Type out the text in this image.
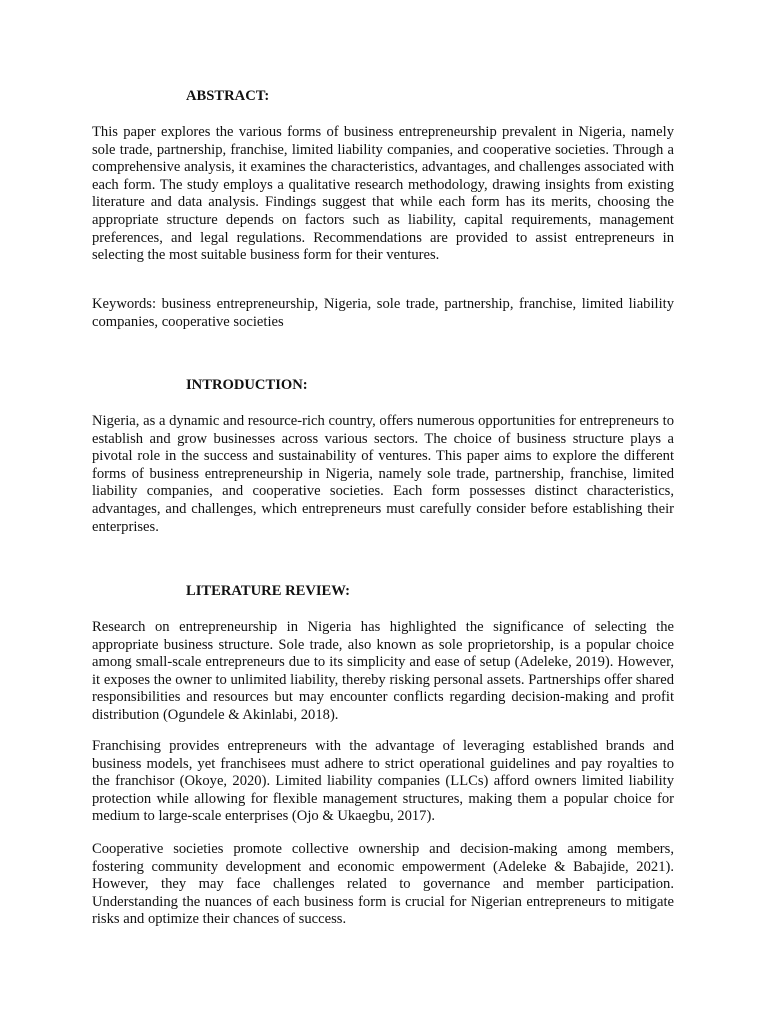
ABSTRACT:

This paper explores the various forms of business entrepreneurship prevalent in Nigeria, namely sole trade, partnership, franchise, limited liability companies, and cooperative societies. Through a comprehensive analysis, it examines the characteristics, advantages, and challenges associated with each form. The study employs a qualitative research methodology, drawing insights from existing literature and data analysis. Findings suggest that while each form has its merits, choosing the appropriate structure depends on factors such as liability, capital requirements, management preferences, and legal regulations. Recommendations are provided to assist entrepreneurs in selecting the most suitable business form for their ventures.

Keywords: business entrepreneurship, Nigeria, sole trade, partnership, franchise, limited liability companies, cooperative societies

INTRODUCTION:

Nigeria, as a dynamic and resource-rich country, offers numerous opportunities for entrepreneurs to establish and grow businesses across various sectors. The choice of business structure plays a pivotal role in the success and sustainability of ventures. This paper aims to explore the different forms of business entrepreneurship in Nigeria, namely sole trade, partnership, franchise, limited liability companies, and cooperative societies. Each form possesses distinct characteristics, advantages, and challenges, which entrepreneurs must carefully consider before establishing their enterprises.

LITERATURE REVIEW:

Research on entrepreneurship in Nigeria has highlighted the significance of selecting the appropriate business structure. Sole trade, also known as sole proprietorship, is a popular choice among small-scale entrepreneurs due to its simplicity and ease of setup (Adeleke, 2019). However, it exposes the owner to unlimited liability, thereby risking personal assets. Partnerships offer shared responsibilities and resources but may encounter conflicts regarding decision-making and profit distribution (Ogundele & Akinlabi, 2018).

Franchising provides entrepreneurs with the advantage of leveraging established brands and business models, yet franchisees must adhere to strict operational guidelines and pay royalties to the franchisor (Okoye, 2020). Limited liability companies (LLCs) afford owners limited liability protection while allowing for flexible management structures, making them a popular choice for medium to large-scale enterprises (Ojo & Ukaegbu, 2017).

Cooperative societies promote collective ownership and decision-making among members, fostering community development and economic empowerment (Adeleke & Babajide, 2021). However, they may face challenges related to governance and member participation. Understanding the nuances of each business form is crucial for Nigerian entrepreneurs to mitigate risks and optimize their chances of success.
